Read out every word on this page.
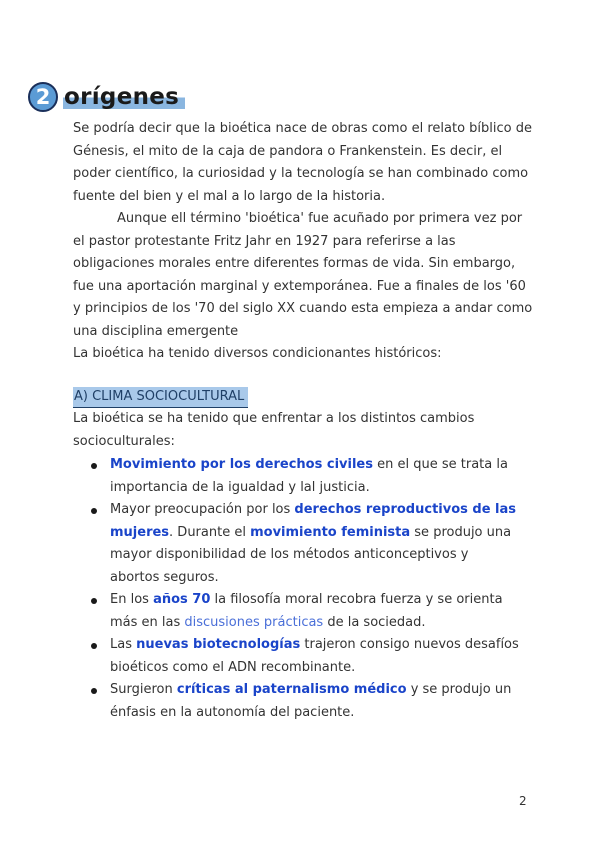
2 orígenes

Se podría decir que la bioética nace de obras como el relato bíblico de Génesis, el mito de la caja de pandora o Frankenstein. Es decir, el poder científico, la curiosidad y la tecnología se han combinado como fuente del bien y el mal a lo largo de la historia.

Aunque ell término 'bioética' fue acuñado por primera vez por el pastor protestante Fritz Jahr en 1927 para referirse a las obligaciones morales entre diferentes formas de vida. Sin embargo, fue una aportación marginal y extemporánea. Fue a finales de los '60 y principios de los '70 del siglo XX cuando esta empieza a andar como una disciplina emergente

La bioética ha tenido diversos condicionantes históricos:

A) CLIMA SOCIOCULTURAL

La bioética se ha tenido que enfrentar a los distintos cambios socioculturales:

Movimiento por los derechos civiles en el que se trata la importancia de la igualdad y lal justicia.
Mayor preocupación por los derechos reproductivos de las mujeres. Durante el movimiento feminista se produjo una mayor disponibilidad de los métodos anticonceptivos y abortos seguros.
En los años 70 la filosofía moral recobra fuerza y se orienta más en las discusiones prácticas de la sociedad.
Las nuevas biotecnologías trajeron consigo nuevos desafíos bioéticos como el ADN recombinante.
Surgieron críticas al paternalismo médico y se produjo un énfasis en la autonomía del paciente.
2
